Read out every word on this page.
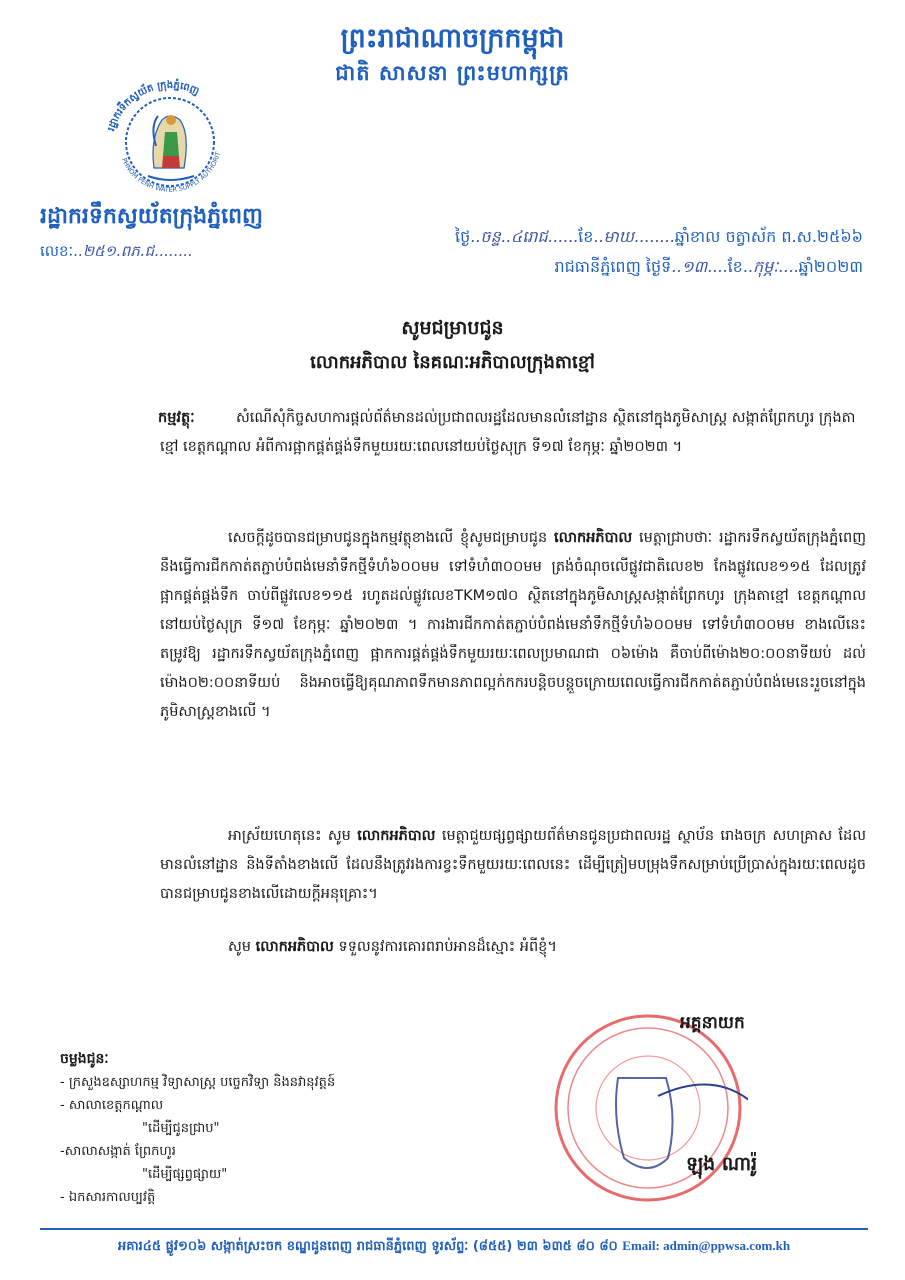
ព្រះរាជាណាចក្រកម្ពុជា
ជាតិ សាសនា ព្រះមហាក្សត្រ
រដ្ឋាករទឹកស្វយ័ត ក្រុងភ្នំពេញ
PHNOM PENH WATER SUPPLY AUTHORIT
រដ្ឋាករទឹកស្វយ័តក្រុងភ្នំពេញ
លេខៈ..២៥១.ពភ.ជ........
ថ្ងៃ..ចន្ទ..៤រោជ......ខែ..មាឃ........ឆ្នាំខាល ចត្វាស័ក ព.ស.២៥៦៦
រាជធានីភ្នំពេញ ថ្ងៃទី..១៣....ខែ..កុម្ភៈ....ឆ្នាំ២០២៣
សូមជម្រាបជូន
លោកអភិបាល នៃគណៈអភិបាលក្រុងតាខ្មៅ
កម្មវត្ថុៈ	សំណើសុំកិច្ចសហការផ្តល់ព័ត៌មានដល់ប្រជាពលរដ្ឋដែលមានលំនៅដ្ឋាន ស្ថិតនៅក្នុងភូមិសាស្ត្រ សង្កាត់ព្រែកហូរ ក្រុងតាខ្មៅ ខេត្តកណ្តាល អំពីការផ្អាកផ្គត់ផ្គង់ទឹកមួយរយៈពេលនៅយប់ថ្ងៃសុក្រ ទី១៧ ខែកុម្ភៈ ឆ្នាំ២០២៣ ។
សេចក្តីដូចបានជម្រាបជូនក្នុងកម្មវត្ថុខាងលើ ខ្ញុំសូមជម្រាបជូន លោកអភិបាល មេត្តាជ្រាបថាៈ រដ្ឋាករទឹកស្វយ័តក្រុងភ្នំពេញ នឹងធ្វើការជីកកាត់តភ្ជាប់បំពង់មេនាំទឹកថ្មីទំហំ៦០០មម ទៅទំហំ៣០០មម ត្រង់ចំណុចលើផ្លូវជាតិលេខ២ កែងផ្លូវលេខ១១៥ ដែលត្រូវផ្អាកផ្គត់ផ្គង់ទឹក ចាប់ពីផ្លូវលេខ១១៥ រហូតដល់ផ្លូវលេខTKM១៧០ ស្ថិតនៅក្នុងភូមិសាស្ត្រសង្កាត់ព្រែកហូរ ក្រុងតាខ្មៅ ខេត្តកណ្តាល នៅយប់ថ្ងៃសុក្រ ទី១៧ ខែកុម្ភៈ ឆ្នាំ២០២៣ ។ ការងារជីកកាត់តភ្ជាប់បំពង់មេនាំទឹកថ្មីទំហំ៦០០មម ទៅទំហំ៣០០មម ខាងលើនេះតម្រូវឱ្យ រដ្ឋាករទឹកស្វយ័តក្រុងភ្នំពេញ ផ្អាកការផ្គត់ផ្គង់ទឹកមួយរយៈពេលប្រមាណជា ០៦ម៉ោង គឺចាប់ពីម៉ោង២០:០០នាទីយប់ ដល់ម៉ោង០២:០០នាទីយប់ និងអាចធ្វើឱ្យគុណភាពទឹកមានភាពល្អក់កករបន្តិចបន្តួចក្រោយពេលធ្វើការជីកកាត់តភ្ជាប់បំពង់មេនេះរួចនៅក្នុងភូមិសាស្ត្រខាងលើ ។
អាស្រ័យហេតុនេះ សូម លោកអភិបាល មេត្តាជួយផ្សព្វផ្សាយព័ត៌មានជូនប្រជាពលរដ្ឋ ស្ថាប័ន រោងចក្រ សហគ្រាស ដែលមានលំនៅដ្ឋាន និងទីតាំងខាងលើ ដែលនឹងត្រូវរងការខ្វះទឹកមួយរយៈពេលនេះ ដើម្បីត្រៀមបម្រុងទឹកសម្រាប់ប្រើប្រាស់ក្នុងរយៈពេលដូចបានជម្រាបជូនខាងលើដោយក្តីអនុគ្រោះ។
សូម លោកអភិបាល ទទួលនូវការគោរពរាប់អានដ៏ស្មោះ អំពីខ្ញុំ។
អគ្គនាយក
ឡុង ណារ៉ូ
ចម្លងជូនៈ
- ក្រសួងឧស្សាហកម្ម វិទ្យាសាស្ត្រ បច្ចេកវិទ្យា និងនវានុវត្តន៍
- សាលាខេត្តកណ្តាល
"ដើម្បីជូនជ្រាប"
-សាលាសង្កាត់ ព្រែកហូរ
"ដើម្បីផ្សព្វផ្សាយ"
- ឯកសារកាលប្បវត្តិ
អគារ៤៥ ផ្លូវ១០៦ សង្កាត់ស្រះចក ខណ្ឌដូនពេញ រាជធានីភ្នំពេញ ទូរស័ព្ទៈ (៨៥៥) ២៣ ៦៣៥ ៨០ ៨០ Email: admin@ppwsa.com.kh
